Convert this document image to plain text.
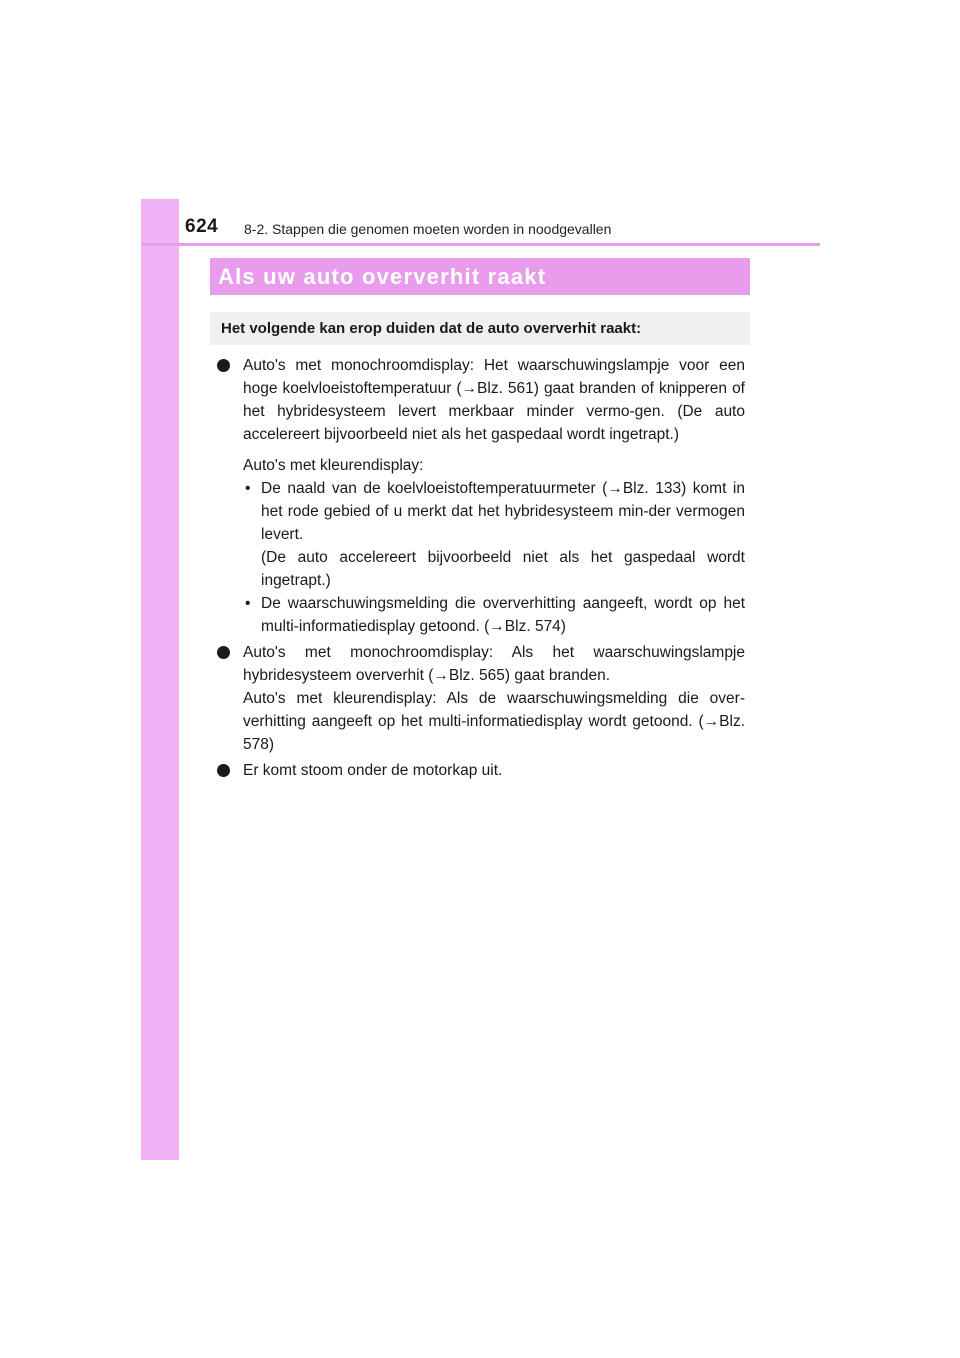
624 8-2. Stappen die genomen moeten worden in noodgevallen
Als uw auto oververhit raakt
Het volgende kan erop duiden dat de auto oververhit raakt:

Auto's met monochroomdisplay: Het waarschuwingslampje voor een hoge koelvloeistoftemperatuur (→Blz. 561) gaat branden of knipperen of het hybridesysteem levert merkbaar minder vermo-gen. (De auto accelereert bijvoorbeeld niet als het gaspedaal wordt ingetrapt.)

Auto's met kleurendisplay:

• De naald van de koelvloeistoftemperatuurmeter (→Blz. 133) komt in het rode gebied of u merkt dat het hybridesysteem min-der vermogen levert.
(De auto accelereert bijvoorbeeld niet als het gaspedaal wordt ingetrapt.)
• De waarschuwingsmelding die oververhitting aangeeft, wordt op het multi-informatiedisplay getoond. (→Blz. 574)

Auto's met monochroomdisplay: Als het waarschuwingslampje hybridesysteem oververhit (→Blz. 565) gaat branden.

Auto's met kleurendisplay: Als de waarschuwingsmelding die over-verhitting aangeeft op het multi-informatiedisplay wordt getoond. (→Blz. 578)

Er komt stoom onder de motorkap uit.
